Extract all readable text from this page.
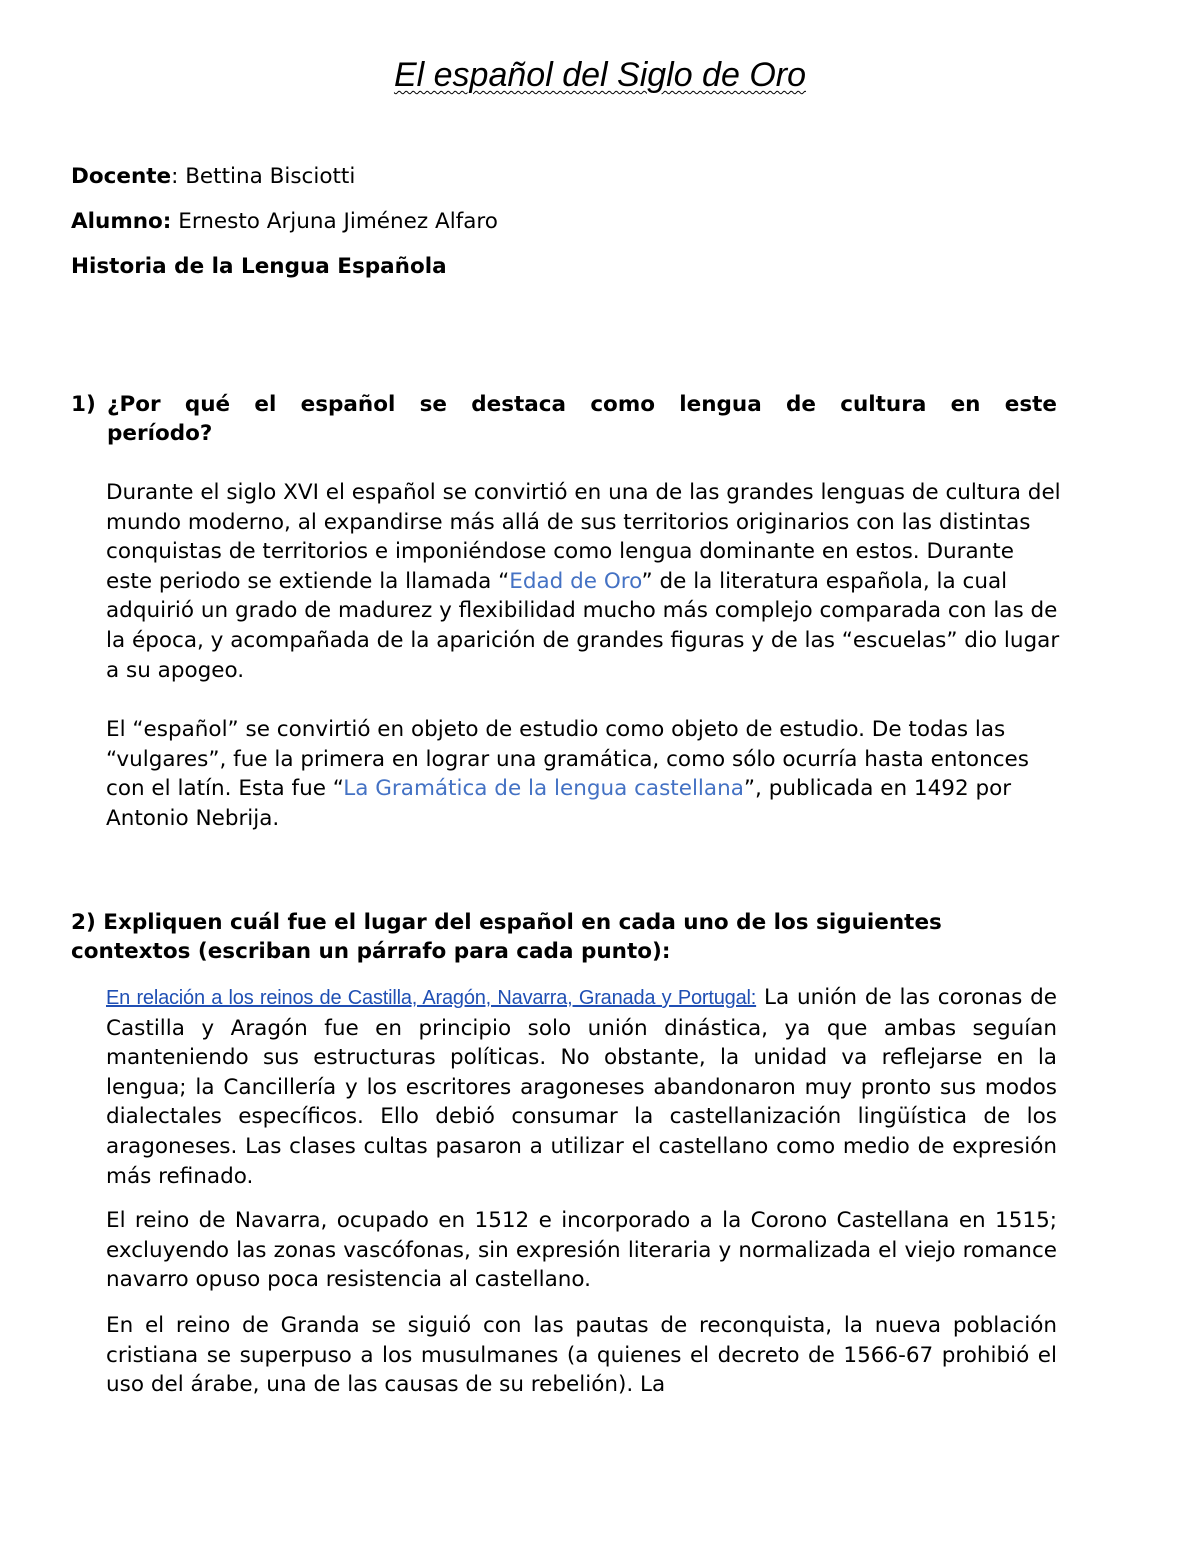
El español del Siglo de Oro
Docente: Bettina Bisciotti
Alumno: Ernesto Arjuna Jiménez Alfaro
Historia de la Lengua Española
1) ¿Por qué el español se destaca como lengua de cultura en este
período?

Durante el siglo XVI el español se convirtió en una de las grandes lenguas de cultura del mundo moderno, al expandirse más allá de sus territorios originarios con las distintas conquistas de territorios e imponiéndose como lengua dominante en estos. Durante este periodo se extiende la llamada “Edad de Oro” de la literatura española, la cual adquirió un grado de madurez y flexibilidad mucho más complejo comparada con las de la época, y acompañada de la aparición de grandes figuras y de las “escuelas” dio lugar a su apogeo.

El “español” se convirtió en objeto de estudio como objeto de estudio. De todas las “vulgares”, fue la primera en lograr una gramática, como sólo ocurría hasta entonces con el latín. Esta fue “La Gramática de la lengua castellana”, publicada en 1492 por Antonio Nebrija.

2) Expliquen cuál fue el lugar del español en cada uno de los siguientes contextos (escriban un párrafo para cada punto):

En relación a los reinos de Castilla, Aragón, Navarra, Granada y Portugal: La unión de las coronas de Castilla y Aragón fue en principio solo unión dinástica, ya que ambas seguían manteniendo sus estructuras políticas. No obstante, la unidad va reflejarse en la lengua; la Cancillería y los escritores aragoneses abandonaron muy pronto sus modos dialectales específicos. Ello debió consumar la castellanización lingüística de los aragoneses. Las clases cultas pasaron a utilizar el castellano como medio de expresión más refinado.

El reino de Navarra, ocupado en 1512 e incorporado a la Corono Castellana en 1515; excluyendo las zonas vascófonas, sin expresión literaria y normalizada el viejo romance navarro opuso poca resistencia al castellano.

En el reino de Granda se siguió con las pautas de reconquista, la nueva población cristiana se superpuso a los musulmanes (a quienes el decreto de 1566-67 prohibió el uso del árabe, una de las causas de su rebelión). La
